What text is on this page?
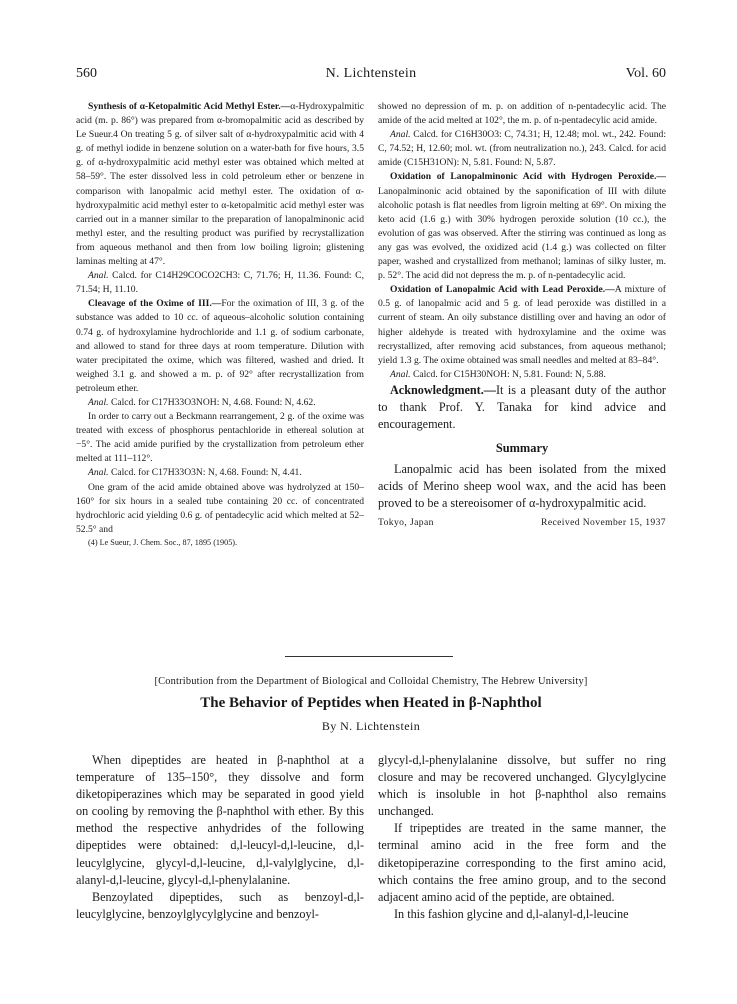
560	N. Lichtenstein	Vol. 60

Synthesis of α-Ketopalmitic Acid Methyl Ester.—α-Hydroxypalmitic acid (m. p. 86°) was prepared from α-bromopalmitic acid as described by Le Sueur.4 On treating 5 g. of silver salt of α-hydroxypalmitic acid with 4 g. of methyl iodide in benzene solution on a water-bath for five hours, 3.5 g. of α-hydroxypalmitic acid methyl ester was obtained which melted at 58–59°. The ester dissolved less in cold petroleum ether or benzene in comparison with lanopalmic acid methyl ester. The oxidation of α-hydroxypalmitic acid methyl ester to α-ketopalmitic acid methyl ester was carried out in a manner similar to the preparation of lanopalminonic acid methyl ester, and the resulting product was purified by recrystallization from aqueous methanol and then from low boiling ligroin; glistening laminas melting at 47°.

Anal. Calcd. for C14H29COCO2CH3: C, 71.76; H, 11.36. Found: C, 71.54; H, 11.10.

Cleavage of the Oxime of III.—For the oximation of III, 3 g. of the substance was added to 10 cc. of aqueous–alcoholic solution containing 0.74 g. of hydroxylamine hydrochloride and 1.1 g. of sodium carbonate, and allowed to stand for three days at room temperature. Dilution with water precipitated the oxime, which was filtered, washed and dried. It weighed 3.1 g. and showed a m. p. of 92° after recrystallization from petroleum ether.

Anal. Calcd. for C17H33O3NOH: N, 4.68. Found: N, 4.62.

In order to carry out a Beckmann rearrangement, 2 g. of the oxime was treated with excess of phosphorus pentachloride in ethereal solution at −5°. The acid amide purified by the crystallization from petroleum ether melted at 111–112°.

Anal. Calcd. for C17H33O3N: N, 4.68. Found: N, 4.41.

One gram of the acid amide obtained above was hydrolyzed at 150–160° for six hours in a sealed tube containing 20 cc. of concentrated hydrochloric acid yielding 0.6 g. of pentadecylic acid which melted at 52–52.5° and

(4) Le Sueur, J. Chem. Soc., 87, 1895 (1905).

showed no depression of m. p. on addition of n-pentadecylic acid. The amide of the acid melted at 102°, the m. p. of n-pentadecylic acid amide.

Anal. Calcd. for C16H30O3: C, 74.31; H, 12.48; mol. wt., 242. Found: C, 74.52; H, 12.60; mol. wt. (from neutralization no.), 243. Calcd. for acid amide (C15H31ON): N, 5.81. Found: N, 5.87.

Oxidation of Lanopalminonic Acid with Hydrogen Peroxide.—Lanopalminonic acid obtained by the saponification of III with dilute alcoholic potash is flat needles from ligroin melting at 69°. On mixing the keto acid (1.6 g.) with 30% hydrogen peroxide solution (10 cc.), the evolution of gas was observed. After the stirring was continued as long as any gas was evolved, the oxidized acid (1.4 g.) was collected on filter paper, washed and crystallized from methanol; laminas of silky luster, m. p. 52°. The acid did not depress the m. p. of n-pentadecylic acid.

Oxidation of Lanopalmic Acid with Lead Peroxide.—A mixture of 0.5 g. of lanopalmic acid and 5 g. of lead peroxide was distilled in a current of steam. An oily substance distilling over and having an odor of higher aldehyde is treated with hydroxylamine and the oxime was recrystallized, after removing acid substances, from aqueous methanol; yield 1.3 g. The oxime obtained was small needles and melted at 83–84°.

Anal. Calcd. for C15H30NOH: N, 5.81. Found: N, 5.88.

Acknowledgment.—It is a pleasant duty of the author to thank Prof. Y. Tanaka for kind advice and encouragement.

Summary

Lanopalmic acid has been isolated from the mixed acids of Merino sheep wool wax, and the acid has been proved to be a stereoisomer of α-hydroxypalmitic acid.

Tokyo, Japan	Received November 15, 1937
[Contribution from the Department of Biological and Colloidal Chemistry, The Hebrew University]
The Behavior of Peptides when Heated in β-Naphthol
By N. Lichtenstein

When dipeptides are heated in β-naphthol at a temperature of 135–150°, they dissolve and form diketopiperazines which may be separated in good yield on cooling by removing the β-naphthol with ether. By this method the respective anhydrides of the following dipeptides were obtained: d,l-leucyl-d,l-leucine, d,l-leucylglycine, glycyl-d,l-leucine, d,l-valylglycine, d,l-alanyl-d,l-leucine, glycyl-d,l-phenylalanine.

Benzoylated dipeptides, such as benzoyl-d,l-leucylglycine, benzoylglycylglycine and benzoyl-

glycyl-d,l-phenylalanine dissolve, but suffer no ring closure and may be recovered unchanged. Glycylglycine which is insoluble in hot β-naphthol also remains unchanged.

If tripeptides are treated in the same manner, the terminal amino acid in the free form and the diketopiperazine corresponding to the first amino acid, which contains the free amino group, and to the second adjacent amino acid of the peptide, are obtained.

In this fashion glycine and d,l-alanyl-d,l-leucine
